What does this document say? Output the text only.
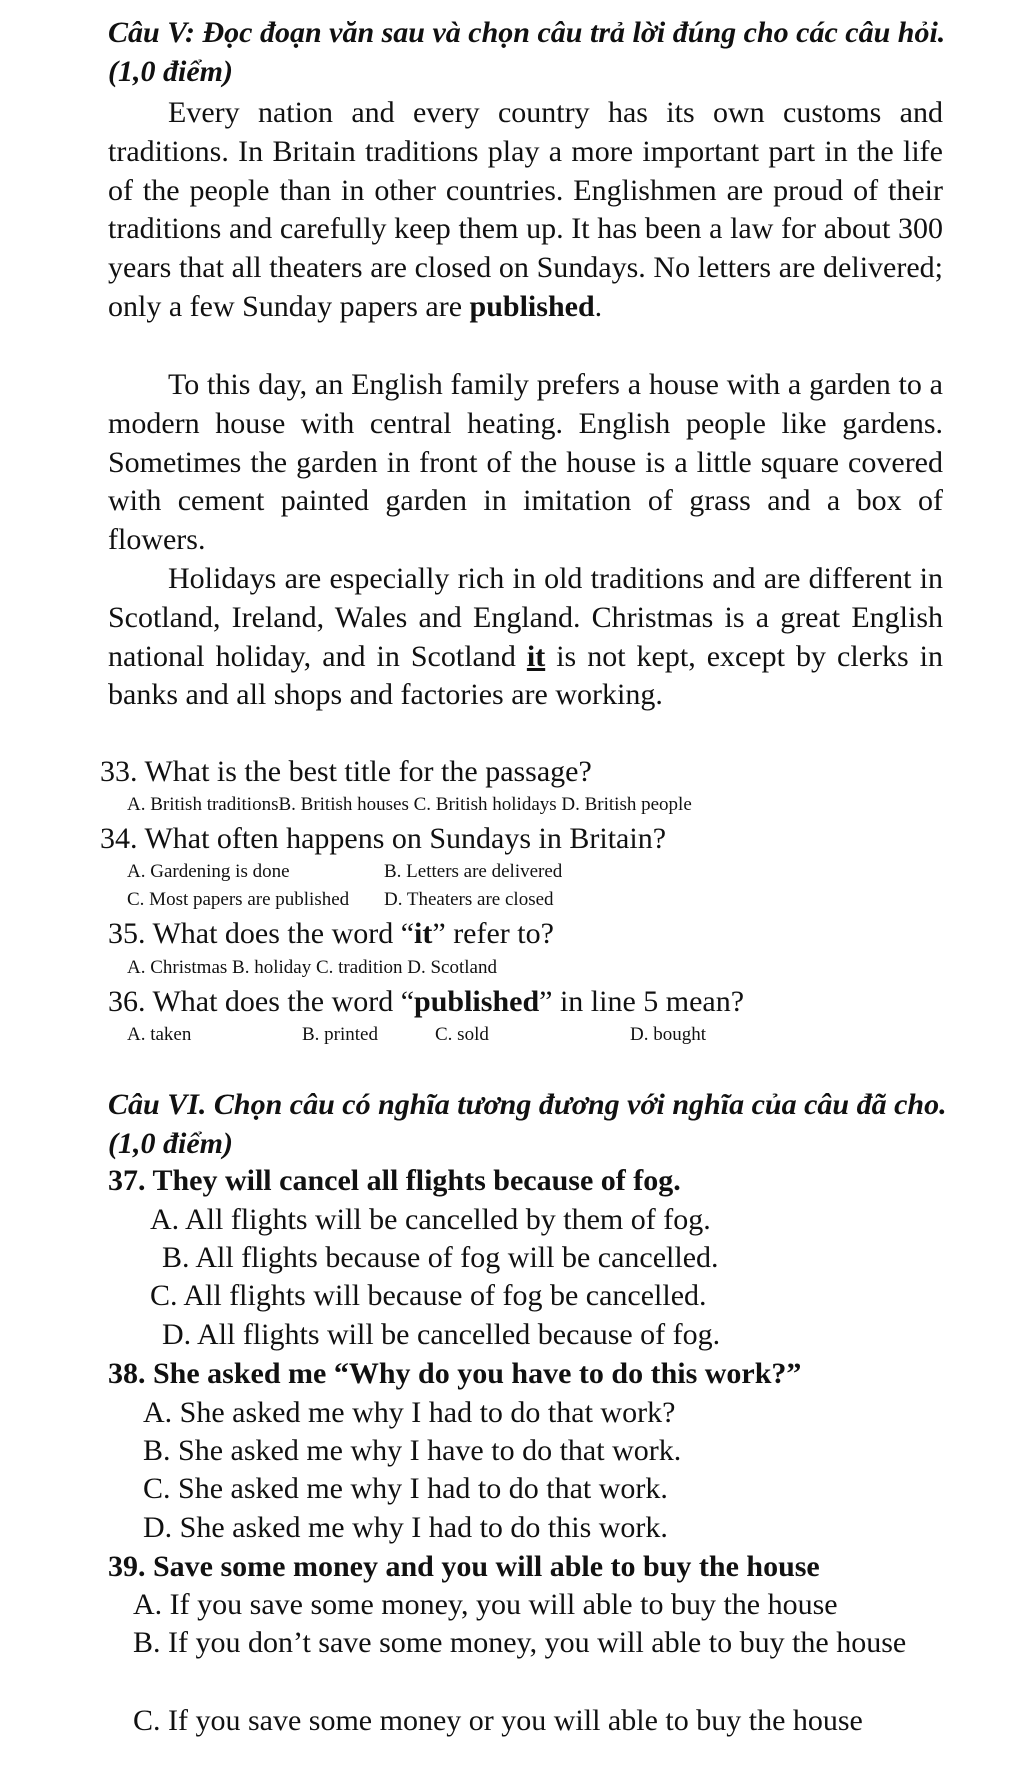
Câu V: Đọc đoạn văn sau và chọn câu trả lời đúng cho các câu hỏi. (1,0 điểm)
Every nation and every country has its own customs and traditions. In Britain traditions play a more important part in the life of the people than in other countries. Englishmen are proud of their traditions and carefully keep them up. It has been a law for about 300 years that all theaters are closed on Sundays. No letters are delivered; only a few Sunday papers are published.
To this day, an English family prefers a house with a garden to a modern house with central heating. English people like gardens. Sometimes the garden in front of the house is a little square covered with cement painted garden in imitation of grass and a box of flowers.
Holidays are especially rich in old traditions and are different in Scotland, Ireland, Wales and England. Christmas is a great English national holiday, and in Scotland it is not kept, except by clerks in banks and all shops and factories are working.
33. What is the best title for the passage?
A. British traditionsB. British houses C. British holidays D. British people
34. What often happens on Sundays in Britain?
A. Gardening is done	B. Letters are delivered
C. Most papers are published D. Theaters are closed
35. What does the word “it” refer to?
A. Christmas B. holiday C. tradition D. Scotland
36. What does the word “published” in line 5 mean?
A. taken	B. printed	C. sold	D. bought
Câu VI. Chọn câu có nghĩa tương đương với nghĩa của câu đã cho. (1,0 điểm)
37. They will cancel all flights because of fog.
A. All flights will be cancelled by them of fog.
B. All flights because of fog will be cancelled.
C. All flights will because of fog be cancelled.
D. All flights will be cancelled because of fog.
38. She asked me “Why do you have to do this work?”
A. She asked me why I had to do that work?
B. She asked me why I have to do that work.
C. She asked me why I had to do that work.
D. She asked me why I had to do this work.
39. Save some money and you will able to buy the house
A. If you save some money, you will able to buy the house
B. If you don’t save some money, you will able to buy the house
C. If you save some money or you will able to buy the house
